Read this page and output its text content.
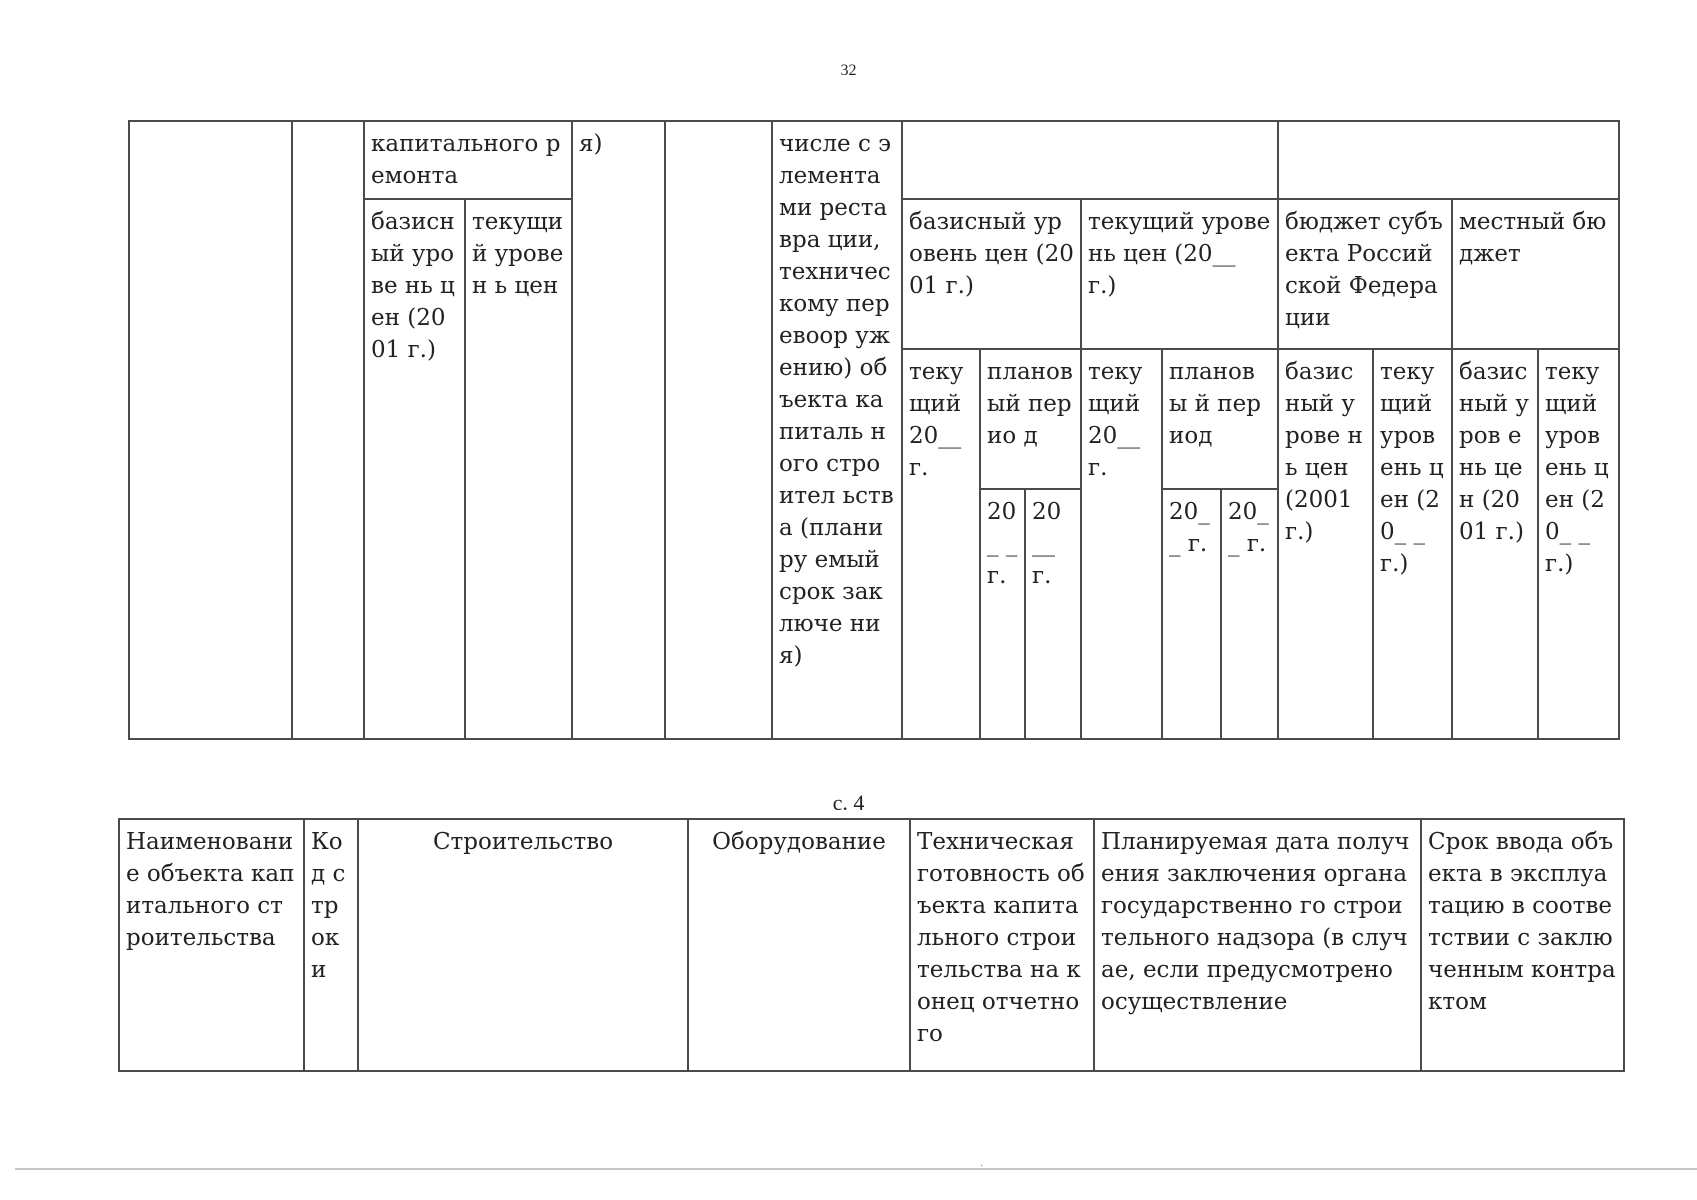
32
		капитального ремонта		я)		числе с элемента ми реставра ции, техничес кому перевоор ужению) объекта капиталь ного строител ьства (планиру емый срок заключе ния)										
		базисн ый урове нь цен (2001 г.)	текущи й уровен ь цен				базисный уровень цен (2001 г.)			текущий уровень цен (20__ г.)			бюджет субъекта Российской Федерации		местный бюджет	
							теку щий 20__ г.	планов ый перио д		теку щий 20__ г.	плановы й период		базис ный урове нь цен (2001 г.)	теку щий уров ень цен (20_ _ г.)	базис ный уров ень цен (2001 г.)	теку щий уров ень цен (20_ _ г.)
								20 _ _ г.	20 __ г.		20_ _ г.	20_ _ г.				
с. 4
Наименовани е объекта капитального строительства	Ко д стр оки	Строительство	Оборудование	Техническая готовность объекта капитального строительства на конец отчетного	Планируемая дата получения заключения органа государственно го строительного надзора (в случае, если предусмотрено осуществление	Срок ввода объекта в эксплуатацию в соответствии с заключенным контрактом
.
